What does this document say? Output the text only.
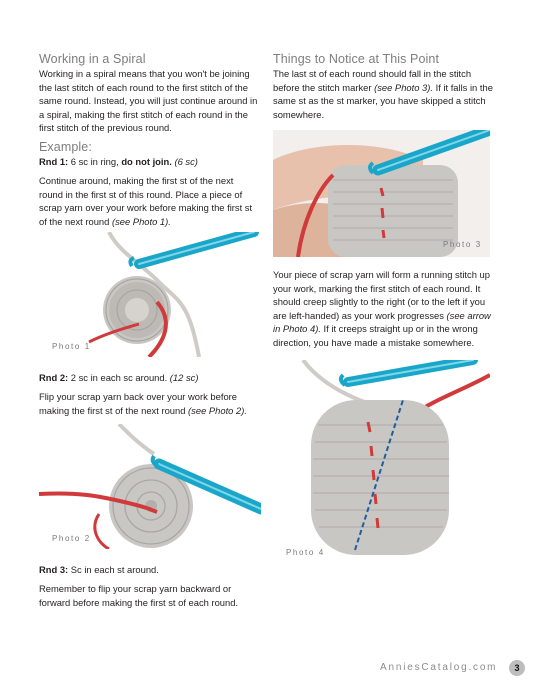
Working in a Spiral
Working in a spiral means that you won't be joining
the last stitch of each round to the first stitch of the
same round. Instead, you will just continue around in
a spiral, making the first stitch of each round in the
first stitch of the previous round.
Example:
Rnd 1: 6 sc in ring, do not join. (6 sc)
Continue around, making the first st of the next
round in the first st of this round. Place a piece of
scrap yarn over your work before making the first st
of the next round (see Photo 1).
Photo 1
Rnd 2: 2 sc in each sc around. (12 sc)
Flip your scrap yarn back over your work before
making the first st of the next round (see Photo 2).
Photo 2
Rnd 3: Sc in each st around.
Remember to flip your scrap yarn backward or
forward before making the first st of each round.
Things to Notice at This Point
The last st of each round should fall in the stitch
before the stitch marker (see Photo 3). If it falls in the
same st as the st marker, you have skipped a stitch
somewhere.
Photo 3
Your piece of scrap yarn will form a running stitch up
your work, marking the first stitch of each round. It
should creep slightly to the right (or to the left if you
are left-handed) as your work progresses (see arrow
in Photo 4). If it creeps straight up or in the wrong
direction, you have made a mistake somewhere.
Photo 4
AnniesCatalog.com	3
